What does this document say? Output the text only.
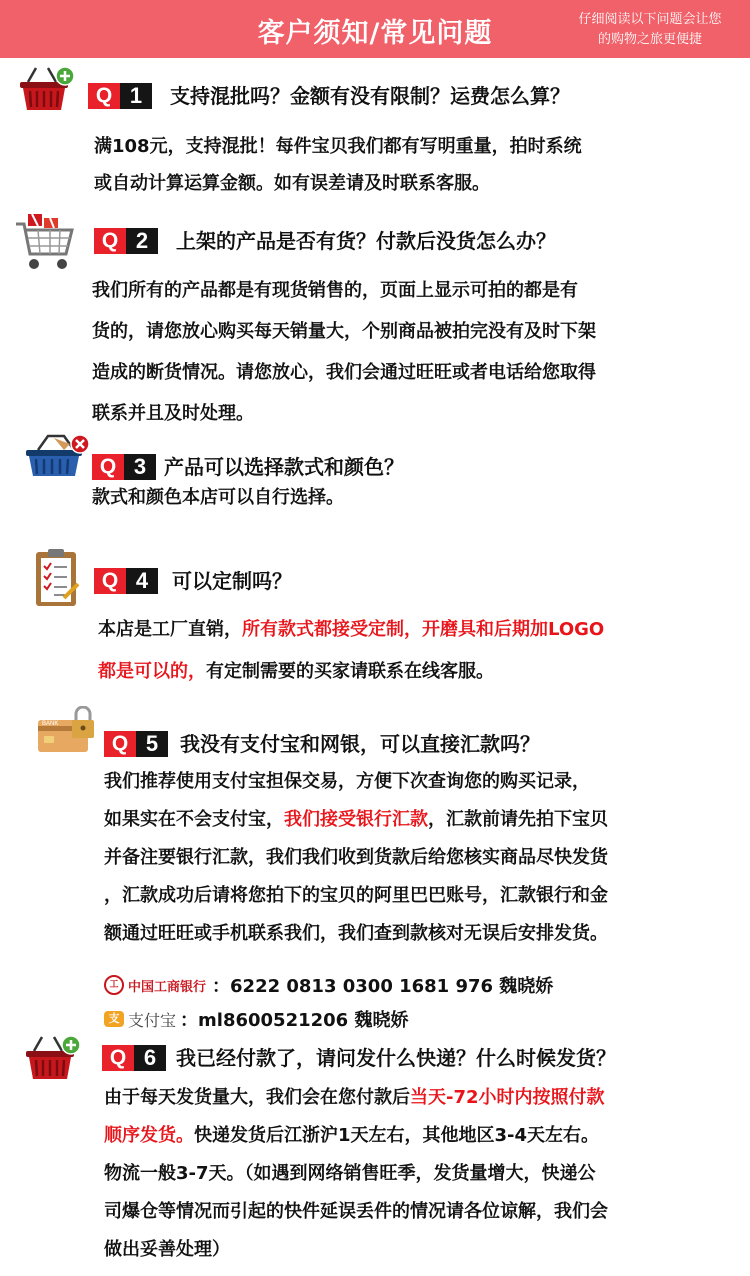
客户须知/常见问题	仔细阅读以下问题会让您
的购物之旅更便捷
BANK
Q 1
Q 2
Q 3
Q 4
Q 5
Q 6
支持混批吗？金额有没有限制？运费怎么算？
上架的产品是否有货？付款后没货怎么办？
产品可以选择款式和颜色？
可以定制吗？
我没有支付宝和网银，可以直接汇款吗？
我已经付款了，请问发什么快递？什么时候发货？
满108元，支持混批！每件宝贝我们都有写明重量，拍时系统
或自动计算运算金额。如有误差请及时联系客服。
我们所有的产品都是有现货销售的，页面上显示可拍的都是有
货的，请您放心购买每天销量大，个别商品被拍完没有及时下架
造成的断货情况。请您放心，我们会通过旺旺或者电话给您取得
联系并且及时处理。
款式和颜色本店可以自行选择。
本店是工厂直销，所有款式都接受定制，开磨具和后期加LOGO
都是可以的，有定制需要的买家请联系在线客服。
我们推荐使用支付宝担保交易，方便下次查询您的购买记录，
如果实在不会支付宝，我们接受银行汇款，汇款前请先拍下宝贝
并备注要银行汇款，我们我们收到货款后给您核实商品尽快发货
，汇款成功后请将您拍下的宝贝的阿里巴巴账号，汇款银行和金
额通过旺旺或手机联系我们，我们查到款核对无误后安排发货。
由于每天发货量大，我们会在您付款后当天-72小时内按照付款
顺序发货。快递发货后江浙沪1天左右，其他地区3-4天左右。
物流一般3-7天。（如遇到网络销售旺季，发货量增大，快递公
司爆仓等情况而引起的快件延误丢件的情况请各位谅解，我们会
做出妥善处理）
工 中国工商银行 ：6222 0813 0300 1681 976 魏晓娇
支 支付宝 ：ml8600521206 魏晓娇
